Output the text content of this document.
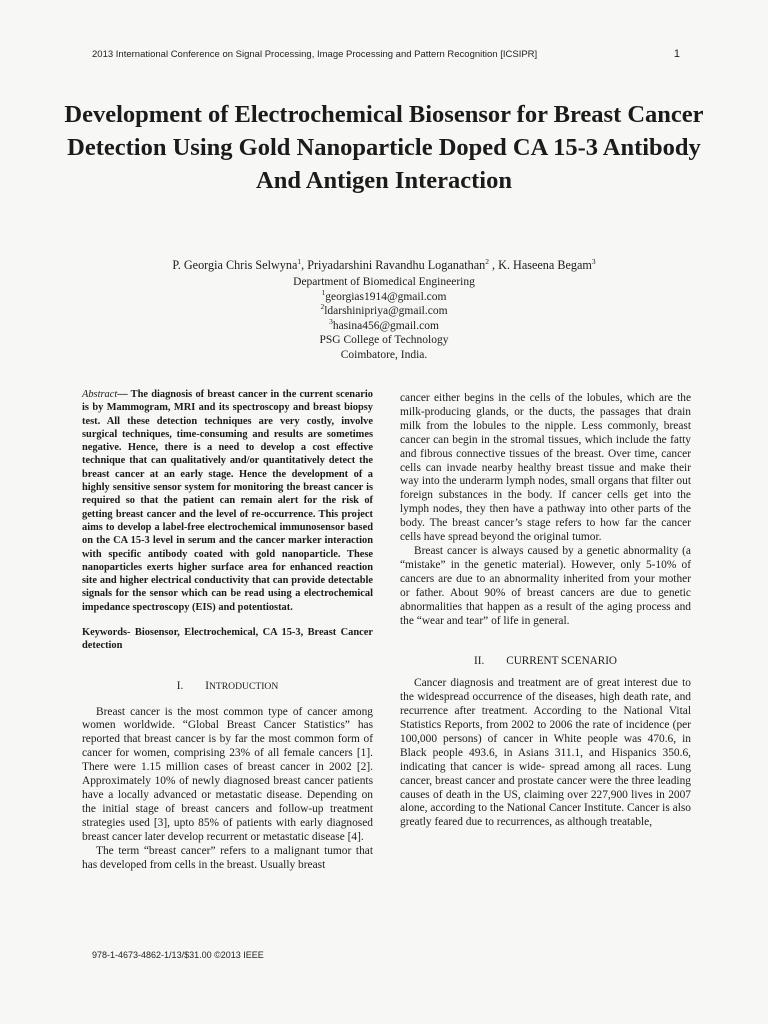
2013 International Conference on Signal Processing, Image Processing and Pattern Recognition [ICSIPR]	1
Development of Electrochemical Biosensor for Breast Cancer Detection Using Gold Nanoparticle Doped CA 15-3 Antibody And Antigen Interaction
P. Georgia Chris Selwyna$^1$, Priyadarshini Ravandhu Loganathan$^2$ , K. Haseena Begam$^3$
Department of Biomedical Engineering
$^1$georgias1914@gmail.com
$^2$ldarshinipriya@gmail.com
$^3$hasina456@gmail.com
PSG College of Technology
Coimbatore, India.

Abstract— The diagnosis of breast cancer in the current scenario is by Mammogram, MRI and its spectroscopy and breast biopsy test. All these detection techniques are very costly, involve surgical techniques, time-consuming and results are sometimes negative. Hence, there is a need to develop a cost effective technique that can qualitatively and/or quantitatively detect the breast cancer at an early stage. Hence the development of a highly sensitive sensor system for monitoring the breast cancer is required so that the patient can remain alert for the risk of getting breast cancer and the level of re-occurrence. This project aims to develop a label-free electrochemical immunosensor based on the CA 15-3 level in serum and the cancer marker interaction with specific antibody coated with gold nanoparticle. These nanoparticles exerts higher surface area for enhanced reaction site and higher electrical conductivity that can provide detectable signals for the sensor which can be read using a electrochemical impedance spectroscopy (EIS) and potentiostat.

Keywords- Biosensor, Electrochemical, CA 15-3, Breast Cancer detection

I. INTRODUCTION

Breast cancer is the most common type of cancer among women worldwide. “Global Breast Cancer Statistics” has reported that breast cancer is by far the most common form of cancer for women, comprising 23% of all female cancers [1]. There were 1.15 million cases of breast cancer in 2002 [2]. Approximately 10% of newly diagnosed breast cancer patients have a locally advanced or metastatic disease. Depending on the initial stage of breast cancers and follow-up treatment strategies used [3], upto 85% of patients with early diagnosed breast cancer later develop recurrent or metastatic disease [4].

The term “breast cancer” refers to a malignant tumor that has developed from cells in the breast. Usually breast

cancer either begins in the cells of the lobules, which are the milk-producing glands, or the ducts, the passages that drain milk from the lobules to the nipple. Less commonly, breast cancer can begin in the stromal tissues, which include the fatty and fibrous connective tissues of the breast. Over time, cancer cells can invade nearby healthy breast tissue and make their way into the underarm lymph nodes, small organs that filter out foreign substances in the body. If cancer cells get into the lymph nodes, they then have a pathway into other parts of the body. The breast cancer’s stage refers to how far the cancer cells have spread beyond the original tumor.

Breast cancer is always caused by a genetic abnormality (a “mistake” in the genetic material). However, only 5-10% of cancers are due to an abnormality inherited from your mother or father. About 90% of breast cancers are due to genetic abnormalities that happen as a result of the aging process and the “wear and tear” of life in general.

II. CURRENT SCENARIO

Cancer diagnosis and treatment are of great interest due to the widespread occurrence of the diseases, high death rate, and recurrence after treatment. According to the National Vital Statistics Reports, from 2002 to 2006 the rate of incidence (per 100,000 persons) of cancer in White people was 470.6, in Black people 493.6, in Asians 311.1, and Hispanics 350.6, indicating that cancer is wide- spread among all races. Lung cancer, breast cancer and prostate cancer were the three leading causes of death in the US, claiming over 227,900 lives in 2007 alone, according to the National Cancer Institute. Cancer is also greatly feared due to recurrences, as although treatable,

978-1-4673-4862-1/13/$31.00 ©2013 IEEE
